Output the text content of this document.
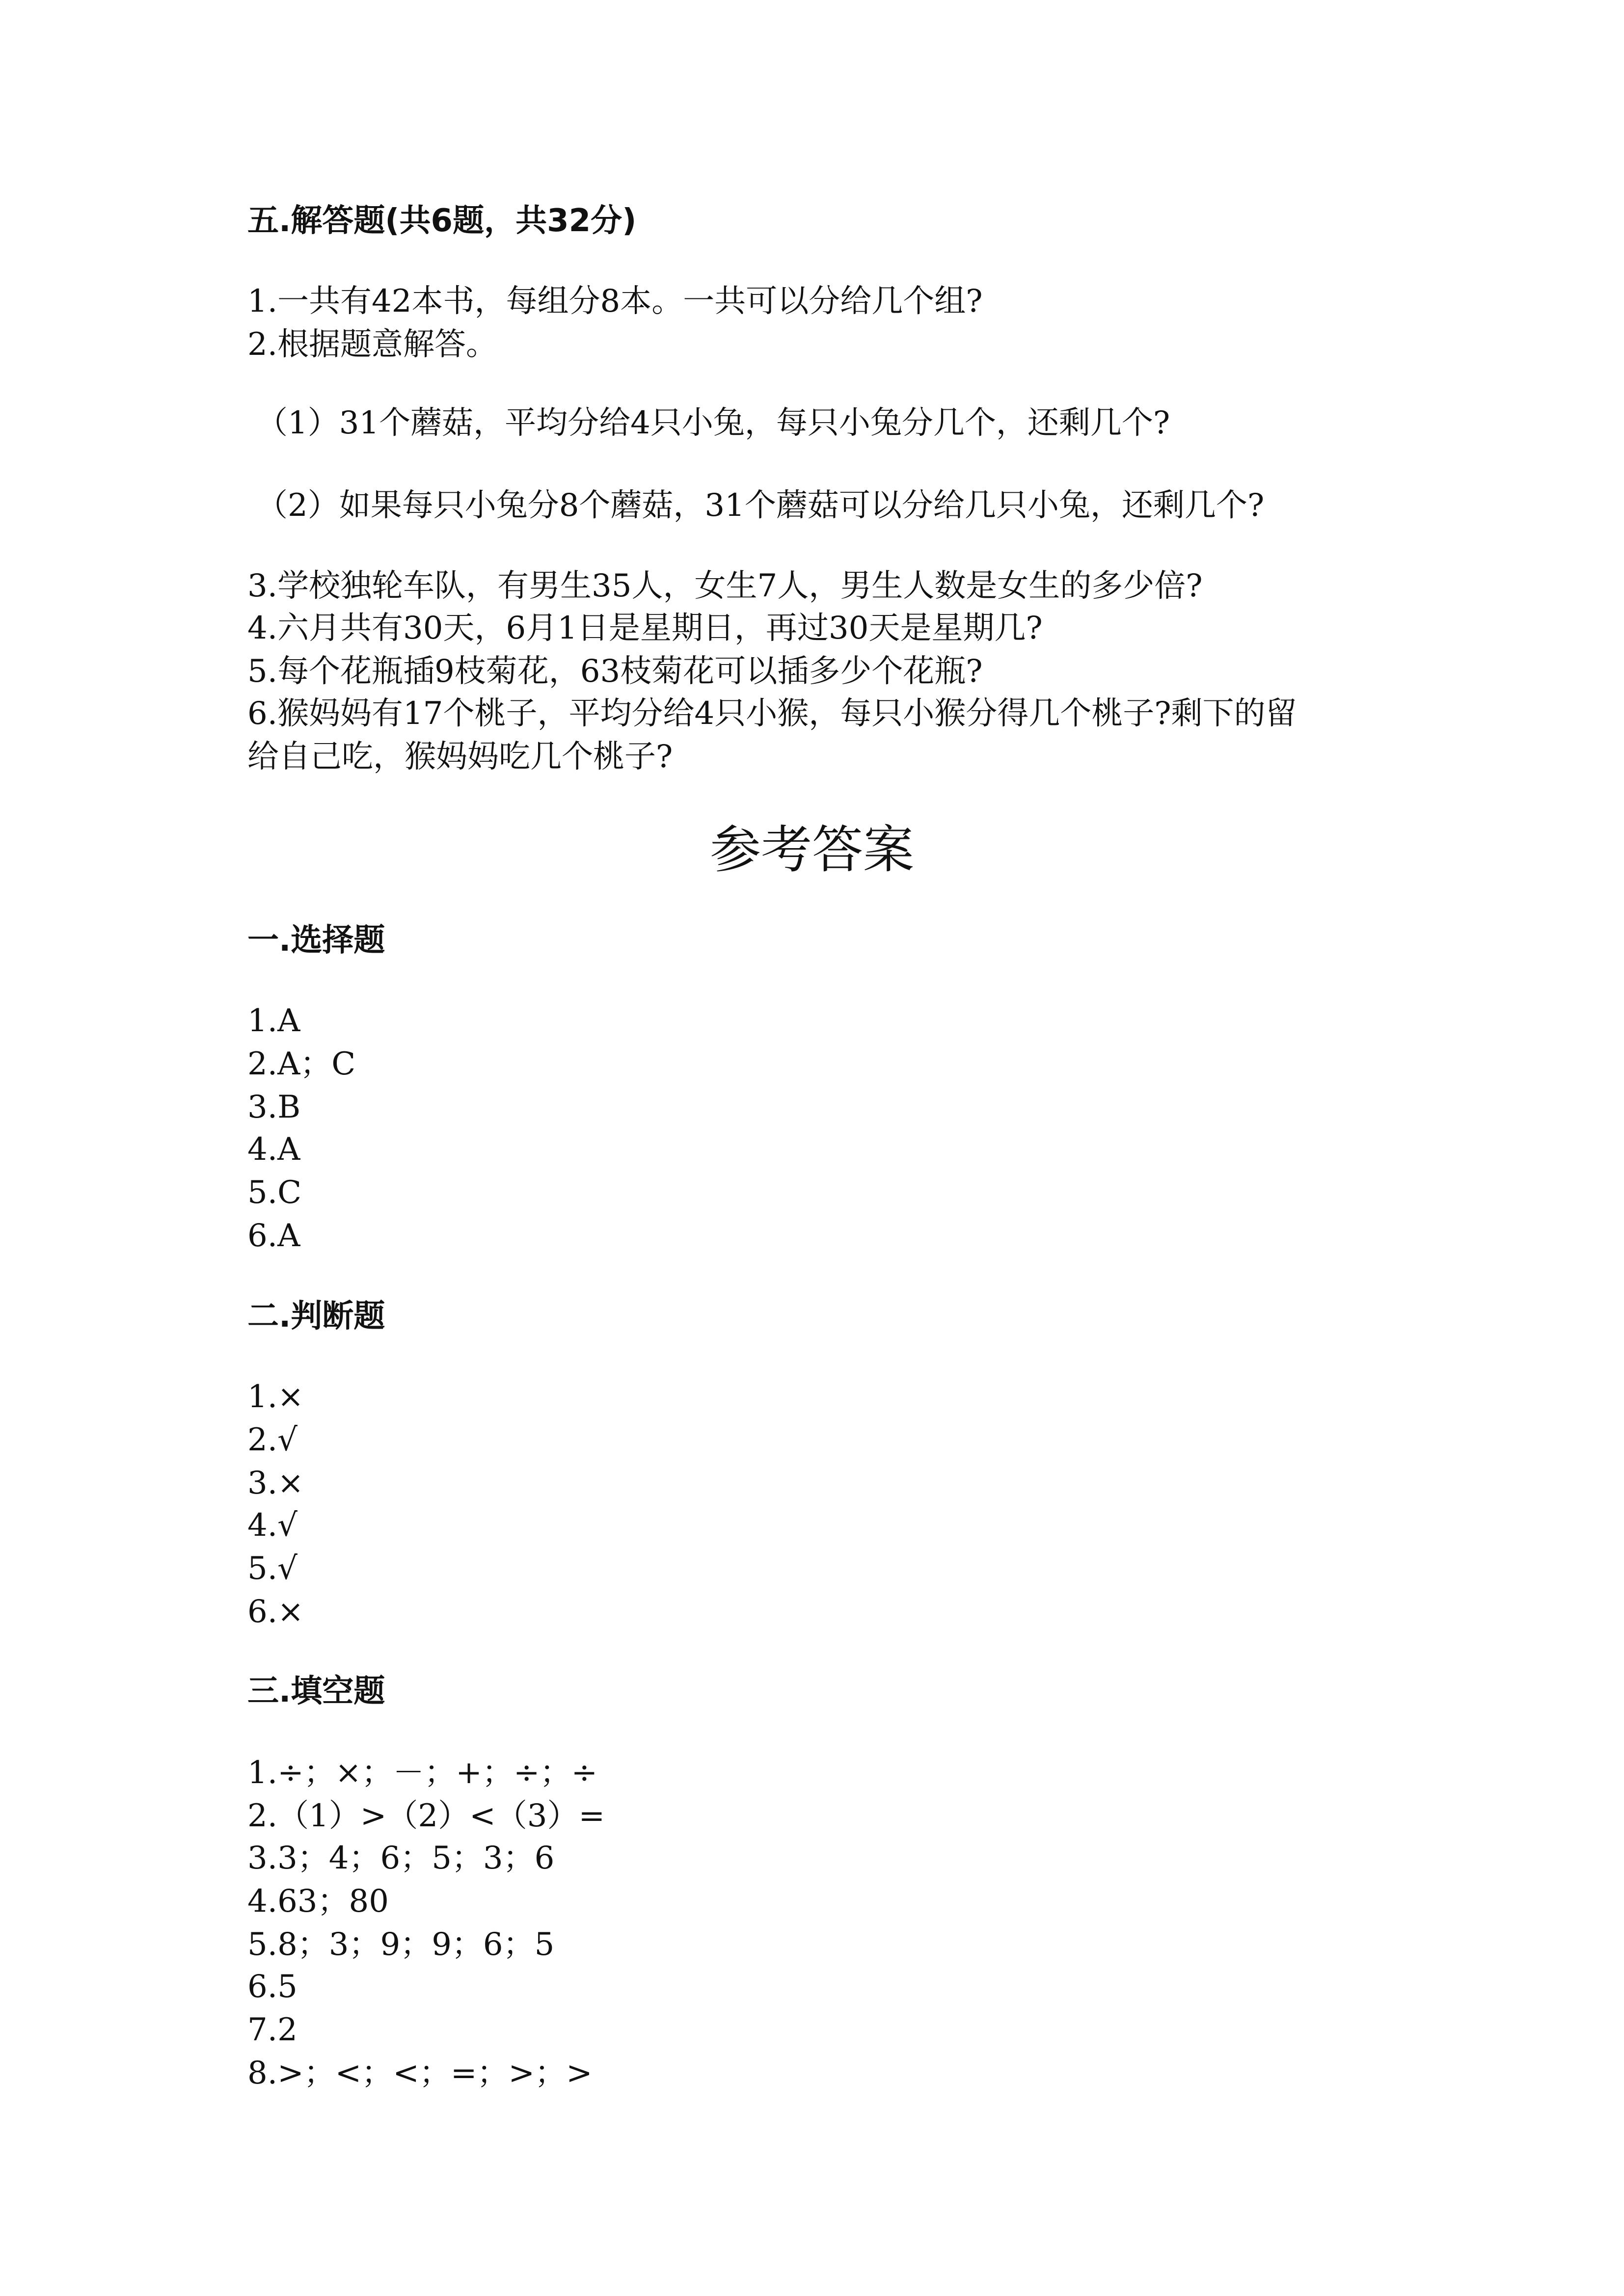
五.解答题(共6题，共32分)
1.一共有42本书，每组分8本。一共可以分给几个组?
2.根据题意解答。
（1）31个蘑菇，平均分给4只小兔，每只小兔分几个，还剩几个?
（2）如果每只小兔分8个蘑菇，31个蘑菇可以分给几只小兔，还剩几个?
3.学校独轮车队，有男生35人，女生7人，男生人数是女生的多少倍?
4.六月共有30天，6月1日是星期日，再过30天是星期几?
5.每个花瓶插9枝菊花，63枝菊花可以插多少个花瓶?
6.猴妈妈有17个桃子，平均分给4只小猴，每只小猴分得几个桃子?剩下的留
给自己吃，猴妈妈吃几个桃子?
参考答案
一.选择题
1.A
2.A；C
3.B
4.A
5.C
6.A
二.判断题
1.×
2.√
3.×
4.√
5.√
6.×
三.填空题
1.÷；×；－；+；÷；÷
2.（1）>（2）<（3）=
3.3；4；6；5；3；6
4.63；80
5.8；3；9；9；6；5
6.5
7.2
8.>；<；<；=；>；>
